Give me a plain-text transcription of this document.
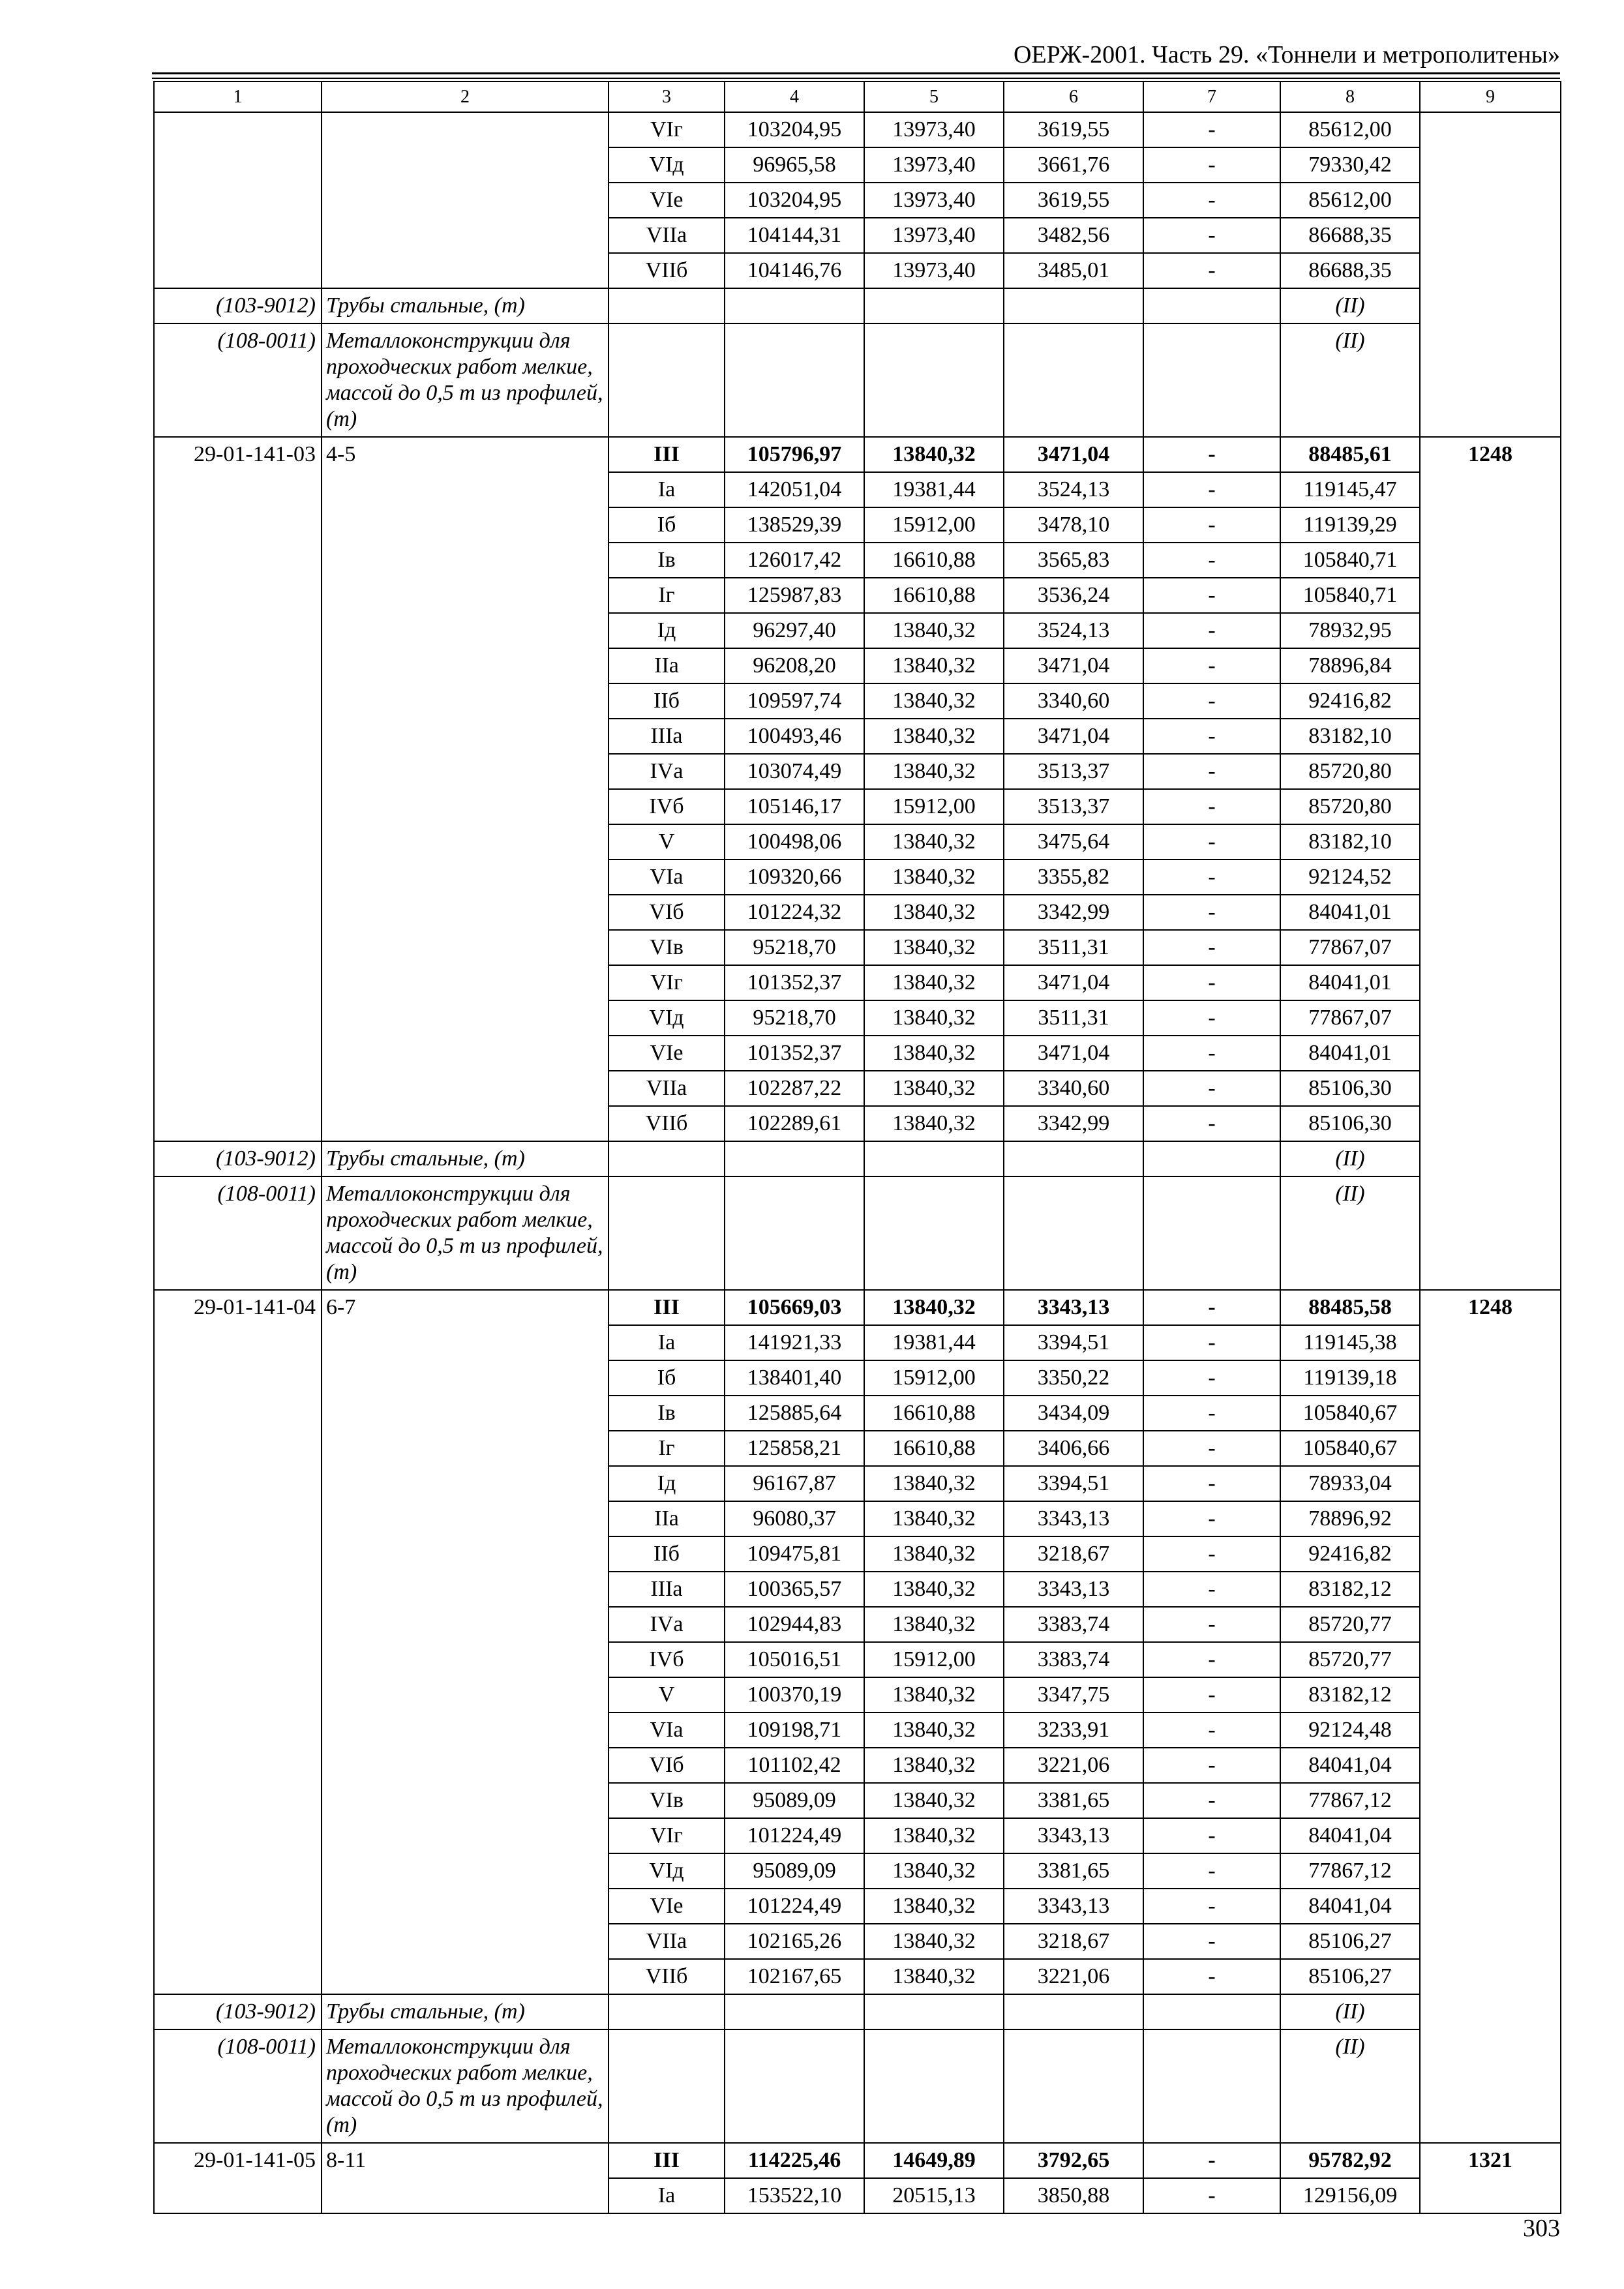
ОЕРЖ-2001. Часть 29. «Тоннели и метрополитены»
1	2	3	4	5	6	7	8	9
		VIг	103204,95	13973,40	3619,55	-	85612,00	
		VIд	96965,58	13973,40	3661,76	-	79330,42	
		VIе	103204,95	13973,40	3619,55	-	85612,00	
		VIIа	104144,31	13973,40	3482,56	-	86688,35	
		VIIб	104146,76	13973,40	3485,01	-	86688,35	
(103-9012)	Трубы стальные, (т)						(II)	
(108-0011)	Металлоконструкции для проходческих работ мелкие, массой до 0,5 т из профилей, (т)						(II)	
29-01-141-03	4-5	III	105796,97	13840,32	3471,04	-	88485,61	1248
		Iа	142051,04	19381,44	3524,13	-	119145,47	
		Iб	138529,39	15912,00	3478,10	-	119139,29	
		Iв	126017,42	16610,88	3565,83	-	105840,71	
		Iг	125987,83	16610,88	3536,24	-	105840,71	
		Iд	96297,40	13840,32	3524,13	-	78932,95	
		IIа	96208,20	13840,32	3471,04	-	78896,84	
		IIб	109597,74	13840,32	3340,60	-	92416,82	
		IIIа	100493,46	13840,32	3471,04	-	83182,10	
		IVа	103074,49	13840,32	3513,37	-	85720,80	
		IVб	105146,17	15912,00	3513,37	-	85720,80	
		V	100498,06	13840,32	3475,64	-	83182,10	
		VIа	109320,66	13840,32	3355,82	-	92124,52	
		VIб	101224,32	13840,32	3342,99	-	84041,01	
		VIв	95218,70	13840,32	3511,31	-	77867,07	
		VIг	101352,37	13840,32	3471,04	-	84041,01	
		VIд	95218,70	13840,32	3511,31	-	77867,07	
		VIе	101352,37	13840,32	3471,04	-	84041,01	
		VIIа	102287,22	13840,32	3340,60	-	85106,30	
		VIIб	102289,61	13840,32	3342,99	-	85106,30	
(103-9012)	Трубы стальные, (т)						(II)	
(108-0011)	Металлоконструкции для проходческих работ мелкие, массой до 0,5 т из профилей, (т)						(II)	
29-01-141-04	6-7	III	105669,03	13840,32	3343,13	-	88485,58	1248
		Iа	141921,33	19381,44	3394,51	-	119145,38	
		Iб	138401,40	15912,00	3350,22	-	119139,18	
		Iв	125885,64	16610,88	3434,09	-	105840,67	
		Iг	125858,21	16610,88	3406,66	-	105840,67	
		Iд	96167,87	13840,32	3394,51	-	78933,04	
		IIа	96080,37	13840,32	3343,13	-	78896,92	
		IIб	109475,81	13840,32	3218,67	-	92416,82	
		IIIа	100365,57	13840,32	3343,13	-	83182,12	
		IVа	102944,83	13840,32	3383,74	-	85720,77	
		IVб	105016,51	15912,00	3383,74	-	85720,77	
		V	100370,19	13840,32	3347,75	-	83182,12	
		VIа	109198,71	13840,32	3233,91	-	92124,48	
		VIб	101102,42	13840,32	3221,06	-	84041,04	
		VIв	95089,09	13840,32	3381,65	-	77867,12	
		VIг	101224,49	13840,32	3343,13	-	84041,04	
		VIд	95089,09	13840,32	3381,65	-	77867,12	
		VIе	101224,49	13840,32	3343,13	-	84041,04	
		VIIа	102165,26	13840,32	3218,67	-	85106,27	
		VIIб	102167,65	13840,32	3221,06	-	85106,27	
(103-9012)	Трубы стальные, (т)						(II)	
(108-0011)	Металлоконструкции для проходческих работ мелкие, массой до 0,5 т из профилей, (т)						(II)	
29-01-141-05	8-11	III	114225,46	14649,89	3792,65	-	95782,92	1321
		Iа	153522,10	20515,13	3850,88	-	129156,09	
303
